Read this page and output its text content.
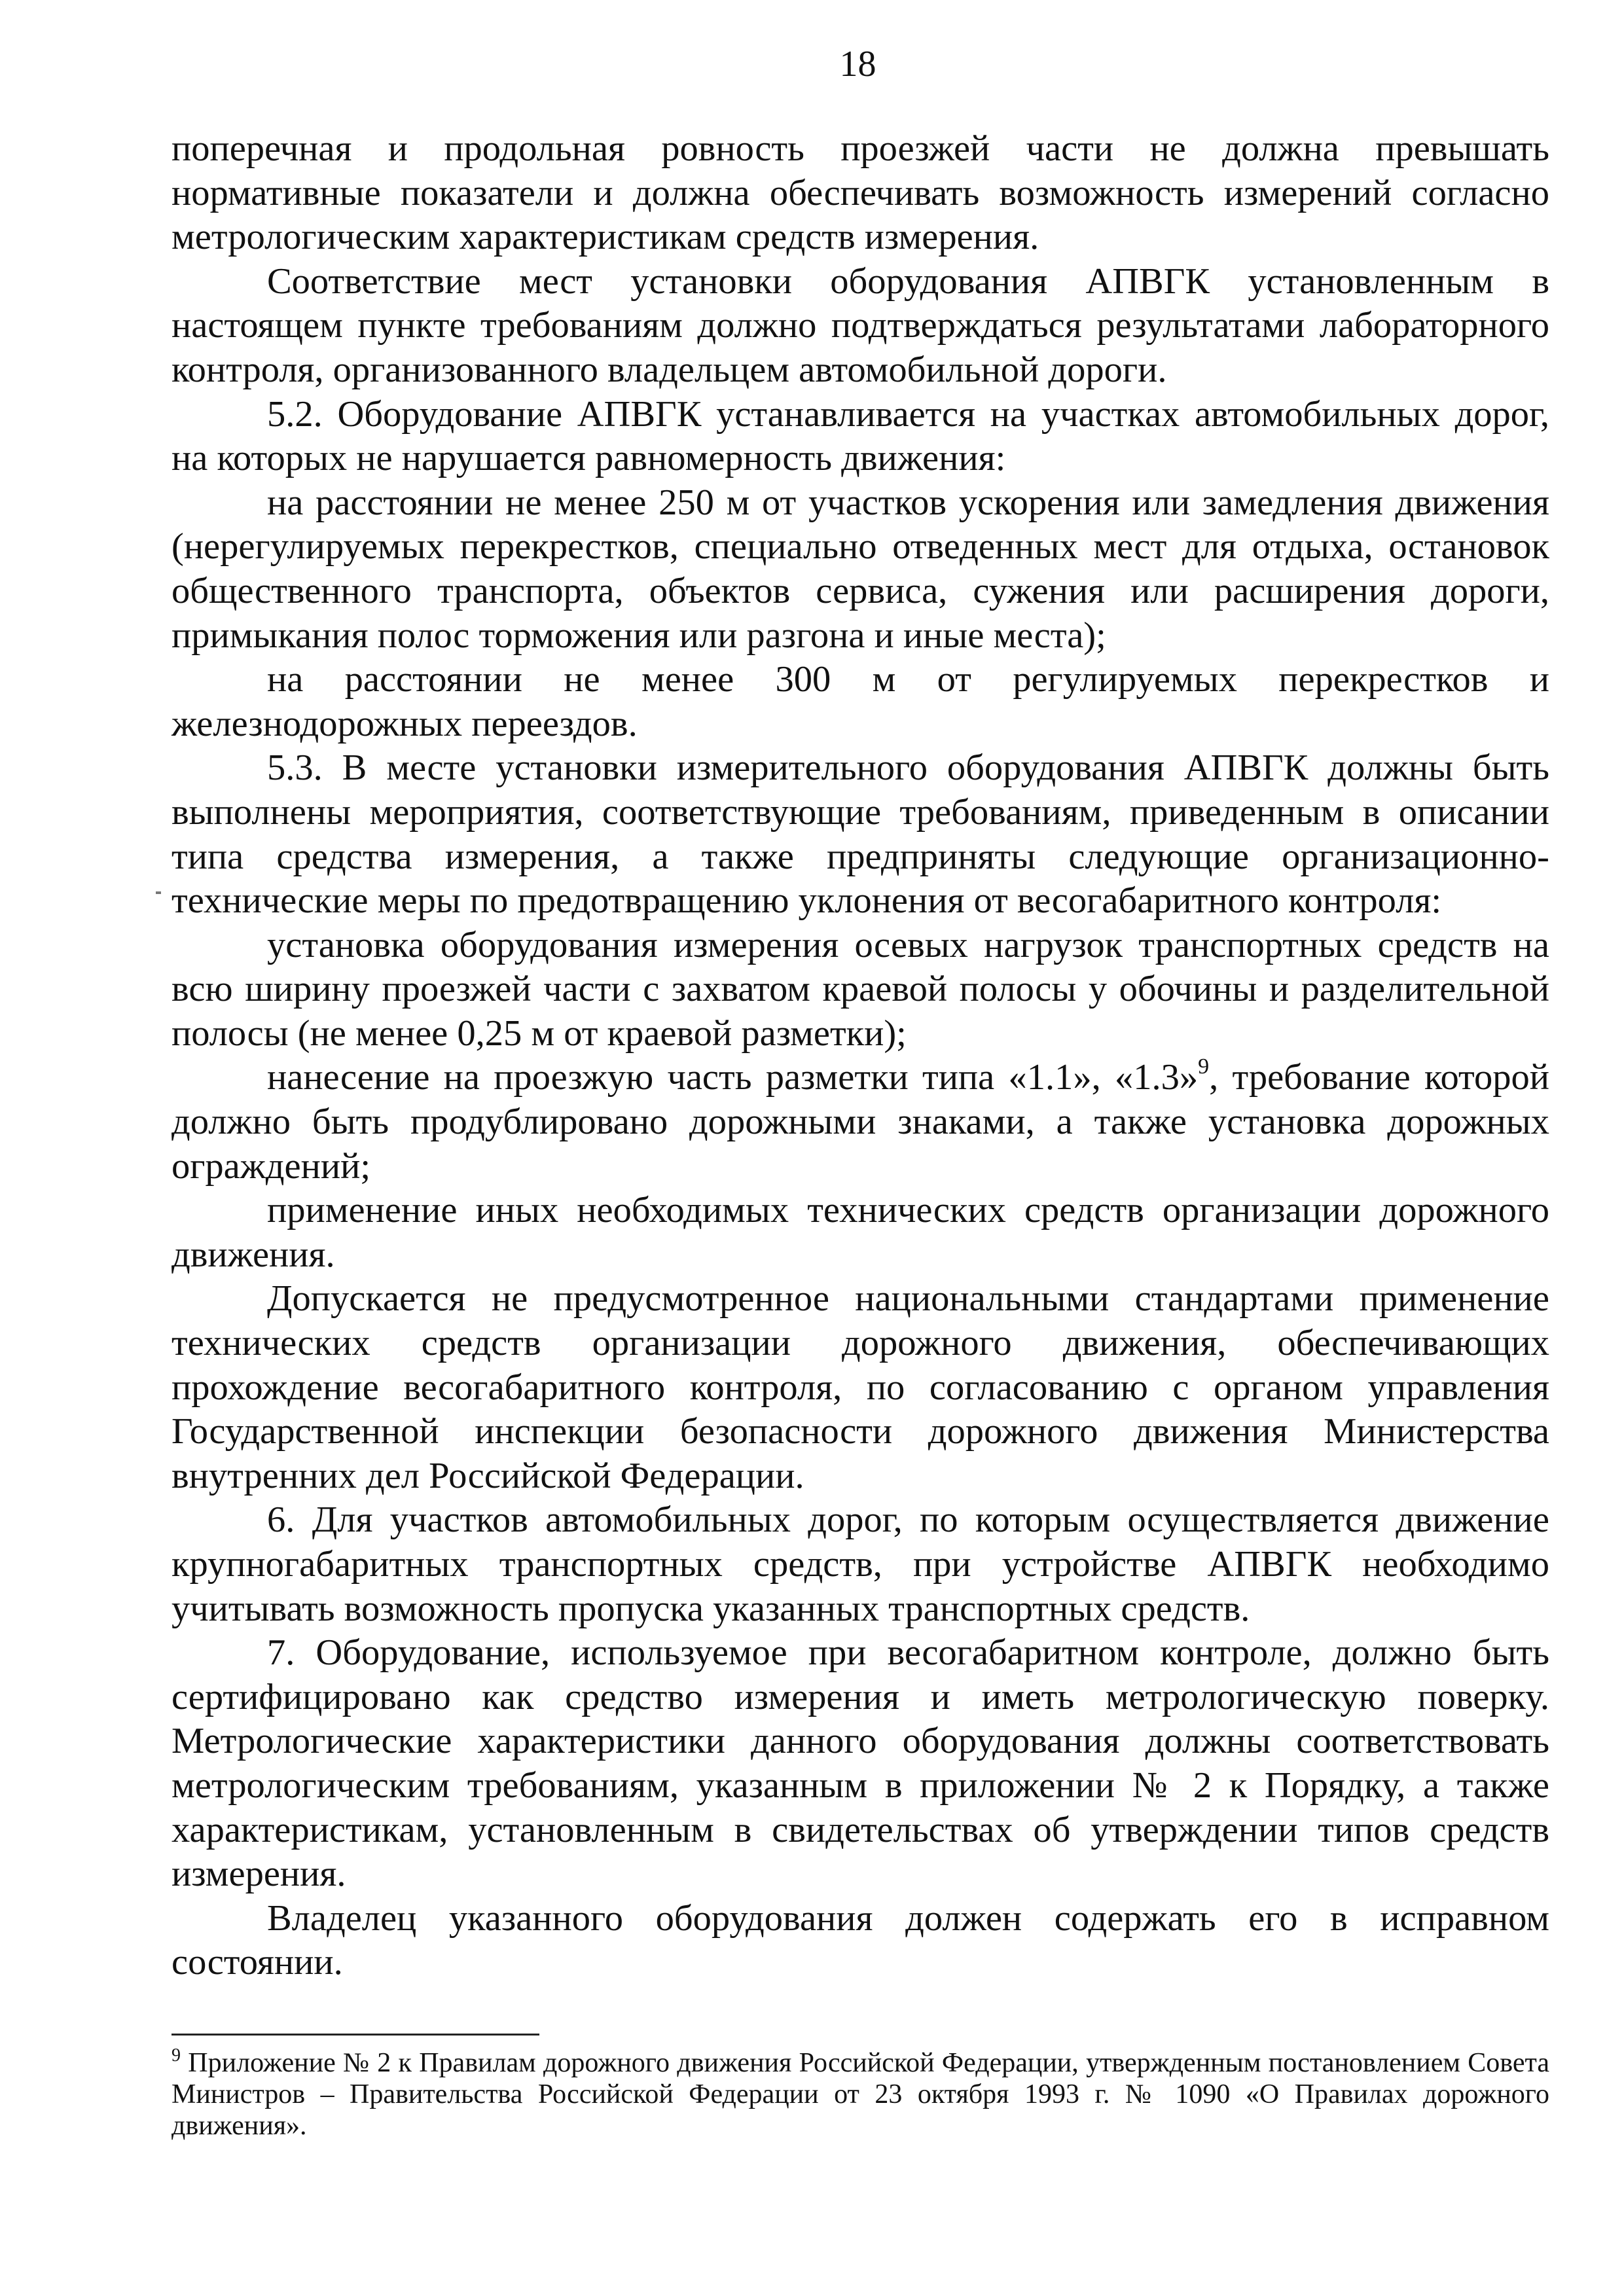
18

поперечная и продольная ровность проезжей части не должна превышать нормативные показатели и должна обеспечивать возможность измерений согласно метрологическим характеристикам средств измерения.

Соответствие мест установки оборудования АПВГК установленным в настоящем пункте требованиям должно подтверждаться результатами лабораторного контроля, организованного владельцем автомобильной дороги.

5.2. Оборудование АПВГК устанавливается на участках автомобильных дорог, на которых не нарушается равномерность движения:

на расстоянии не менее 250 м от участков ускорения или замедления движения (нерегулируемых перекрестков, специально отведенных мест для отдыха, остановок общественного транспорта, объектов сервиса, сужения или расширения дороги, примыкания полос торможения или разгона и иные места);

на расстоянии не менее 300 м от регулируемых перекрестков и железнодорожных переездов.

5.3. В месте установки измерительного оборудования АПВГК должны быть выполнены мероприятия, соответствующие требованиям, приведенным в описании типа средства измерения, а также предприняты следующие организационно-технические меры по предотвращению уклонения от весогабаритного контроля:

установка оборудования измерения осевых нагрузок транспортных средств на всю ширину проезжей части с захватом краевой полосы у обочины и разделительной полосы (не менее 0,25 м от краевой разметки);

нанесение на проезжую часть разметки типа «1.1», «1.3»$^9$, требование которой должно быть продублировано дорожными знаками, а также установка дорожных ограждений;

применение иных необходимых технических средств организации дорожного движения.

Допускается не предусмотренное национальными стандартами применение технических средств организации дорожного движения, обеспечивающих прохождение весогабаритного контроля, по согласованию с органом управления Государственной инспекции безопасности дорожного движения Министерства внутренних дел Российской Федерации.

6. Для участков автомобильных дорог, по которым осуществляется движение крупногабаритных транспортных средств, при устройстве АПВГК необходимо учитывать возможность пропуска указанных транспортных средств.

7. Оборудование, используемое при весогабаритном контроле, должно быть сертифицировано как средство измерения и иметь метрологическую поверку. Метрологические характеристики данного оборудования должны соответствовать метрологическим требованиям, указанным в приложении № 2 к Порядку, а также характеристикам, установленным в свидетельствах об утверждении типов средств измерения.

Владелец указанного оборудования должен содержать его в исправном состоянии.

$^9$ Приложение № 2 к Правилам дорожного движения Российской Федерации, утвержденным постановлением Совета Министров – Правительства Российской Федерации от 23 октября 1993 г. № 1090 «О Правилах дорожного движения».
